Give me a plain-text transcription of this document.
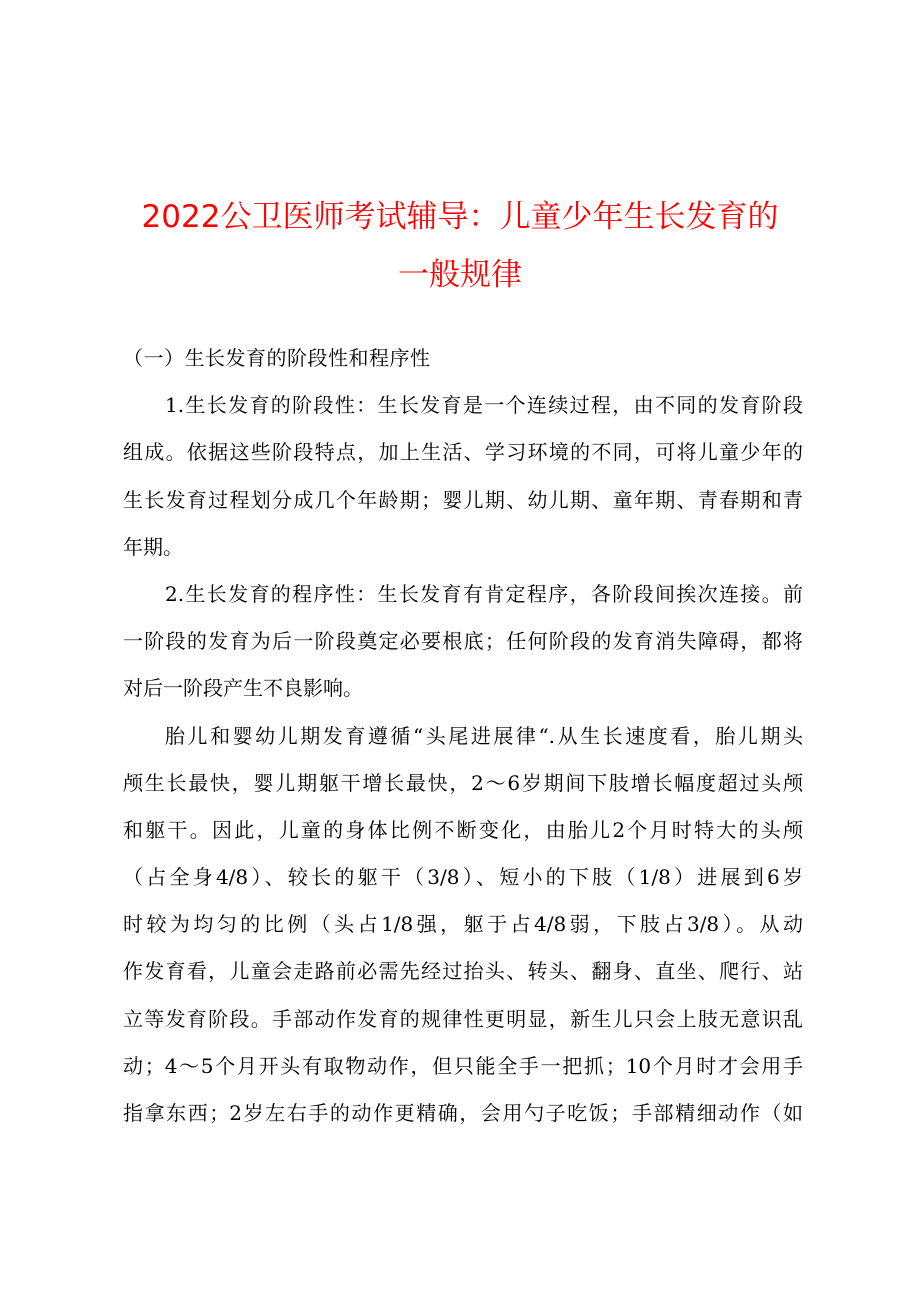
2022公卫医师考试辅导：儿童少年生长发育的
一般规律
（一）生长发育的阶段性和程序性
1.生长发育的阶段性：生长发育是一个连续过程，由不同的发育阶段
组成。依据这些阶段特点，加上生活、学习环境的不同，可将儿童少年的
生长发育过程划分成几个年龄期；婴儿期、幼儿期、童年期、青春期和青
年期。
2.生长发育的程序性：生长发育有肯定程序，各阶段间挨次连接。前
一阶段的发育为后一阶段奠定必要根底；任何阶段的发育消失障碍，都将
对后一阶段产生不良影响。
胎儿和婴幼儿期发育遵循“头尾进展律“.从生长速度看，胎儿期头
颅生长最快，婴儿期躯干增长最快，2～6岁期间下肢增长幅度超过头颅
和躯干。因此，儿童的身体比例不断变化，由胎儿2个月时特大的头颅
（占全身4/8）、较长的躯干（3/8）、短小的下肢（1/8）进展到6岁
时较为均匀的比例（头占1/8强，躯于占4/8弱，下肢占3/8）。从动
作发育看，儿童会走路前必需先经过抬头、转头、翻身、直坐、爬行、站
立等发育阶段。手部动作发育的规律性更明显，新生儿只会上肢无意识乱
动；4～5个月开头有取物动作，但只能全手一把抓；10个月时才会用手
指拿东西；2岁左右手的动作更精确，会用勺子吃饭；手部精细动作（如
